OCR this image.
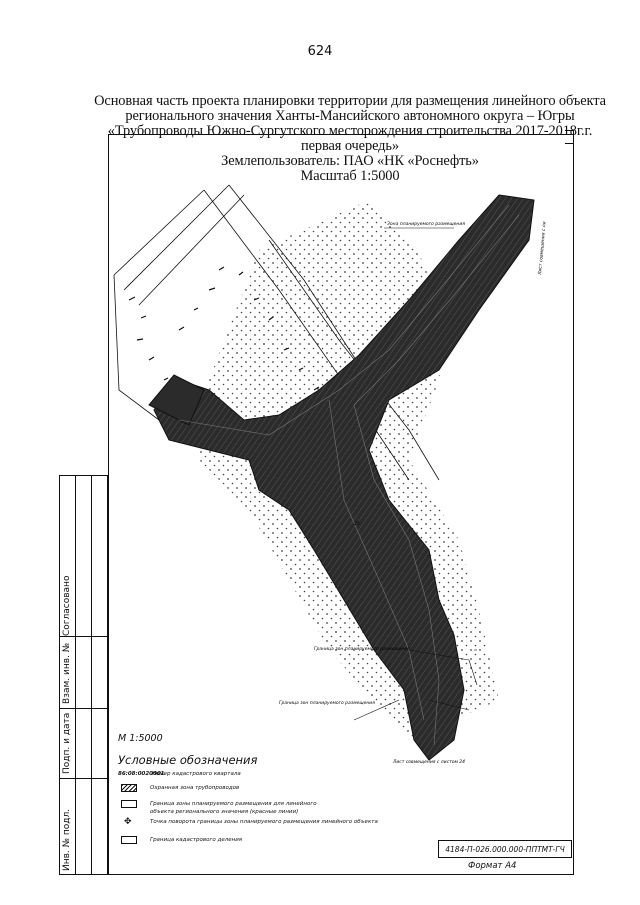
624
Основная часть проекта планировки территории для размещения линейного объекта
регионального значения Ханты-Мансийского автономного округа – Югры
«Трубопроводы Южно-Сургутского месторождения строительства 2017-2018г.г.
первая очередь»
Землепользователь: ПАО «НК «Роснефть»
Масштаб 1:5000
Зона планируемого размещения
Граница зон планируемого размещения
Граница зон планируемого размещения
25
Лист совмещения с ли
Лист совмещения с листом 24
Согласовано
Взам. инв. №
Подп. и дата
Инв. № подл.
М 1:5000
Условные обозначения
86:08:0020001
Номер кадастрового квартала
Охранная зона трубопроводов
Граница зоны планируемого размещения для линейного объекта регионального значения (красные линии)
✥	Точка поворота границы зоны планируемого размещения линейного объекта
Граница кадастрового деления
4184-П-026.000.000-ППТМТ-ГЧ
Формат А4
